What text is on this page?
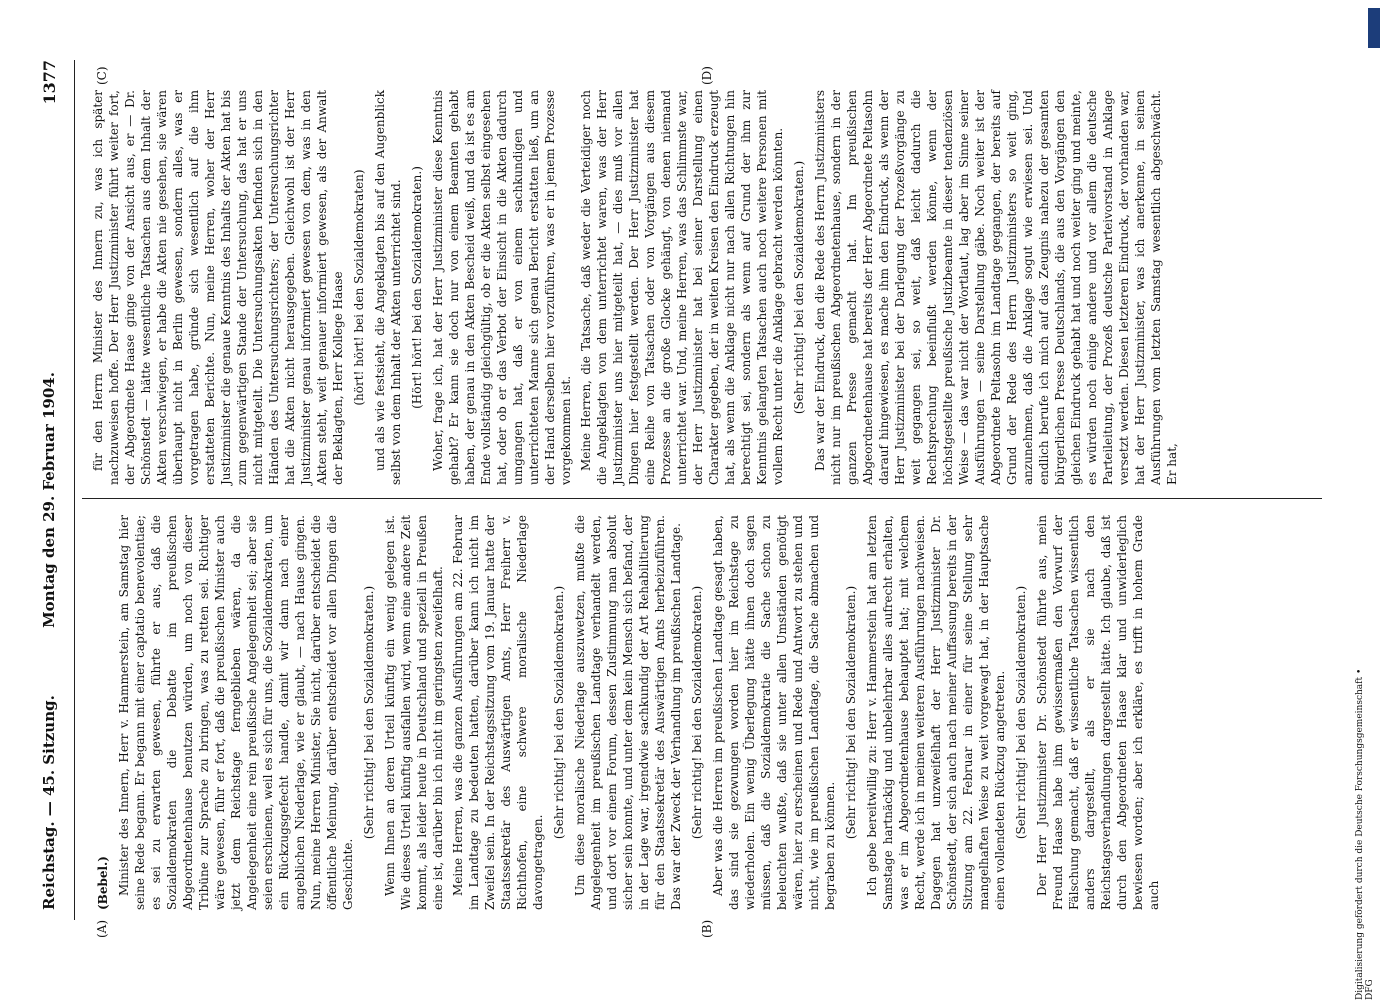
Reichstag. — 45. Sitzung.
Montag den 29. Februar 1904.
1377
(A)	(B)
(C)	(D)

(Bebel.) Minister des Innern, Herr v. Hammerstein, am Samstag hier seine Rede begann. Er begann mit einer captatio benevolentiae; es sei zu erwarten gewesen, führte er aus, daß die Sozialdemokraten die Debatte im preußischen Abgeordnetenhause benutzen würden, um noch von dieser Tribüne zur Sprache zu bringen, was zu retten sei. Richtiger wäre gewesen, führ er fort, daß die preußischen Minister auch jetzt dem Reichstage ferngeblieben wären, da die Angelegenheit eine rein preußische Angelegenheit sei; aber sie seien erschienen, weil es sich für uns, die Sozialdemokraten, um ein Rückzugsgefecht handle, damit wir dann nach einer angeblichen Niederlage, wie er glaubt, — nach Hause gingen. Nun, meine Herren Minister, Sie nicht, darüber entscheidet die öffentliche Meinung, darüber entscheidet vor allen Dingen die Geschichte.

(Sehr richtig! bei den Sozialdemokraten.) Wenn Ihnen an deren Urteil künftig ein wenig gelegen ist. Wie dieses Urteil künftig ausfallen wird, wenn eine andere Zeit kommt, als leider heute in Deutschland und speziell in Preußen eine ist, darüber bin ich nicht im geringsten zweifelhaft. Meine Herren, was die ganzen Ausführungen am 22. Februar im Landtage zu bedeuten hatten, darüber kann ich nicht im Zweifel sein. In der Reichstagssitzung vom 19. Januar hatte der Staatssekretär des Auswärtigen Amts, Herr Freiherr v. Richthofen, eine schwere moralische Niederlage davongetragen.

(Sehr richtig! bei den Sozialdemokraten.) Um diese moralische Niederlage auszuwetzen, mußte die Angelegenheit im preußischen Landtage verhandelt werden, und dort vor einem Forum, dessen Zustimmung man absolut sicher sein konnte, und unter dem kein Mensch sich befand, der in der Lage war, irgendwie sachkundig der Art Rehabilitierung für den Staatssekretär des Auswärtigen Amts herbeizuführen. Das war der Zweck der Verhandlung im preußischen Landtage. (Sehr richtig! bei den Sozialdemokraten.) Aber was die Herren im preußischen Landtage gesagt haben, das sind sie gezwungen worden hier im Reichstage zu wiederholen. Ein wenig Überlegung hätte ihnen doch sagen müssen, daß die Sozialdemokratie die Sache schon zu beleuchten wußte, daß sie unter allen Umständen genötigt wären, hier zu erscheinen und Rede und Antwort zu stehen und nicht, wie im preußischen Landtage, die Sache abmachen und begraben zu können.

(Sehr richtig! bei den Sozialdemokraten.) Ich gebe bereitwillig zu: Herr v. Hammerstein hat am letzten Samstage hartnäckig und unbelehrbar alles aufrecht erhalten, was er im Abgeordnetenhause behauptet hat; mit welchem Recht, werde ich in meinen weiteren Ausführungen nachweisen. Dagegen hat unzweifelhaft der Herr Justizminister Dr. Schönstedt, der sich auch nach meiner Auffassung bereits in der Sitzung am 22. Februar in einer für seine Stellung sehr mangelhaften Weise zu weit vorgewagt hat, in der Hauptsache einen vollendeten Rückzug angetreten. (Sehr richtig! bei den Sozialdemokraten.) Der Herr Justizminister Dr. Schönstedt führte aus, mein Freund Haase habe ihm gewissermaßen den Vorwurf der Fälschung gemacht, daß er wissentliche Tatsachen wissentlich anders dargestellt, als er sie nach den Reichstagsverhandlungen dargestellt hätte. Ich glaube, daß ist durch den Abgeordneten Haase klar und unwiderleglich bewiesen worden; aber ich erkläre, es trifft in hohem Grade auch

für den Herrn Minister des Innern zu, was ich später nachzuweisen hoffe. Der Herr Justizminister führt weiter fort, der Abgeordnete Haase ginge von der Ansicht aus, er — Dr. Schönstedt — hätte wesentliche Tatsachen aus dem Inhalt der Akten verschwiegen, er habe die Akten nie gesehen, sie wären überhaupt nicht in Berlin gewesen, sondern alles, was er vorgetragen habe, gründe sich wesentlich auf die ihm erstatteten Berichte. Nun, meine Herren, woher der Herr Justizminister die genaue Kenntnis des Inhalts der Akten hat bis zum gegenwärtigen Stande der Untersuchung, das hat er uns nicht mitgeteilt. Die Untersuchungsakten befinden sich in den Händen des Untersuchungsrichters; der Untersuchungsrichter hat die Akten nicht herausgegeben. Gleichwohl ist der Herr Justizminister genau informiert gewesen von dem, was in den Akten steht, weit genauer informiert gewesen, als der Anwalt der Beklagten, Herr Kollege Haase (hört! hört! bei den Sozialdemokraten) und als wie festsieht, die Angeklagten bis auf den Augenblick selbst von dem Inhalt der Akten unterrichtet sind. (Hört! hört! bei den Sozialdemokraten.) Woher, frage ich, hat der Herr Justizminister diese Kenntnis gehabt? Er kann sie doch nur von einem Beamten gehabt haben, der genau in den Akten Bescheid weiß, und da ist es am Ende vollständig gleichgültig, ob er die Akten selbst eingesehen hat, oder ob er das Verbot der Einsicht in die Akten dadurch umgangen hat, daß er von einem sachkundigen und unterrichteten Manne sich genau Bericht erstatten ließ, um an der Hand derselben hier vorzuführen, was er in jenem Prozesse vorgekommen ist. Meine Herren, die Tatsache, daß weder die Verteidiger noch die Angeklagten von dem unterrichtet waren, was der Herr Justizminister uns hier mitgeteilt hat, — dies muß vor allen Dingen hier festgestellt werden. Der Herr Justizminister hat eine Reihe von Tatsachen oder von Vorgängen aus diesem Prozesse an die große Glocke gehängt, von denen niemand unterrichtet war. Und, meine Herren, was das Schlimmste war, der Herr Justizminister hat bei seiner Darstellung einen Charakter gegeben, der in weiten Kreisen den Eindruck erzeugt hat, als wenn die Anklage nicht nur nach allen Richtungen hin berechtigt sei, sondern als wenn auf Grund der ihm zur Kenntnis gelangten Tatsachen auch noch weitere Personen mit vollem Recht unter die Anklage gebracht werden könnten. (Sehr richtig! bei den Sozialdemokraten.) Das war der Eindruck, den die Rede des Herrn Justizministers nicht nur im preußischen Abgeordnetenhause, sondern in der ganzen Presse gemacht hat. Im preußischen Abgeordnetenhause hat bereits der Herr Abgeordnete Peltasohn darauf hingewiesen, es mache ihm den Eindruck, als wenn der Herr Justizminister bei der Darlegung der Prozeßvorgänge zu weit gegangen sei, so weit, daß leicht dadurch die Rechtsprechung beeinflußt werden könne, wenn der höchstgestellte preußische Justizbeamte in dieser tendenziösen Weise — das war nicht der Wortlaut, lag aber im Sinne seiner Ausführungen — seine Darstellung gäbe. Noch weiter ist der Abgeordnete Peltasohn im Landtage gegangen, der bereits auf Grund der Rede des Herrn Justizministers so weit ging, anzunehmen, daß die Anklage sogut wie erwiesen sei. Und endlich berufe ich mich auf das Zeugnis nahezu der gesamten bürgerlichen Presse Deutschlands, die aus den Vorgängen den gleichen Eindruck gehabt hat und noch weiter ging und meinte, es würden noch einige andere und vor allem die deutsche Parteileitung, der Prozeß deutsche Parteivorstand in Anklage versetzt werden. Diesen letzteren Eindruck, der vorhanden war, hat der Herr Justizminister, was ich anerkenne, in seinen Ausführungen vom letzten Samstag wesentlich abgeschwächt. Er hat,

Digitalisierung gefördert durch die Deutsche Forschungsgemeinschaft • DFG
